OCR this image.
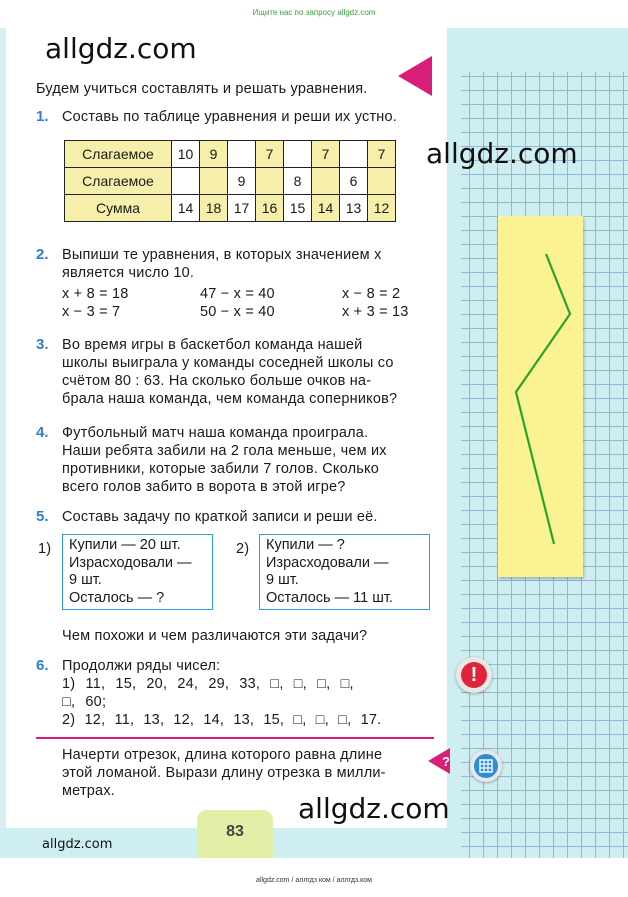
Ищите нас по запросу allgdz.com
allgdz.com
Будем учиться составлять и решать уравнения.
1. Составь по таблице уравнения и реши их устно.
Слагаемое	10	9		7		7		7
Слагаемое			9		8		6	
Сумма	14	18	17	16	15	14	13	12
allgdz.com
2. Выпиши те уравнения, в которых значением x
является число 10.
x + 8 = 18	47 − x = 40	x − 8 = 2
x − 3 = 7	50 − x = 40	x + 3 = 13
3. Во время игры в баскетбол команда нашей
школы выиграла у команды соседней школы со
счётом 80 : 63. На сколько больше очков на-
брала наша команда, чем команда соперников?
4. Футбольный матч наша команда проиграла.
Наши ребята забили на 2 гола меньше, чем их
противники, которые забили 7 голов. Сколько
всего голов забито в ворота в этой игре?
5. Составь задачу по краткой записи и реши её.
1) Купили — 20 шт.
Израсходовали —
9 шт.
Осталось — ?
2) Купили — ?
Израсходовали —
9 шт.
Осталось — 11 шт.
Чем похожи и чем различаются эти задачи?
6. Продолжи ряды чисел:
1) 11, 15, 20, 24, 29, 33, □, □, □, □,
□, 60;
2) 12, 11, 13, 12, 14, 13, 15, □, □, □, 17.
!
Начерти отрезок, длина которого равна длине
этой ломаной. Вырази длину отрезка в милли-
метрах.
?
allgdz.com
83
allgdz.com
allgdz.com / аллгдз ком / аллгдз.ком
